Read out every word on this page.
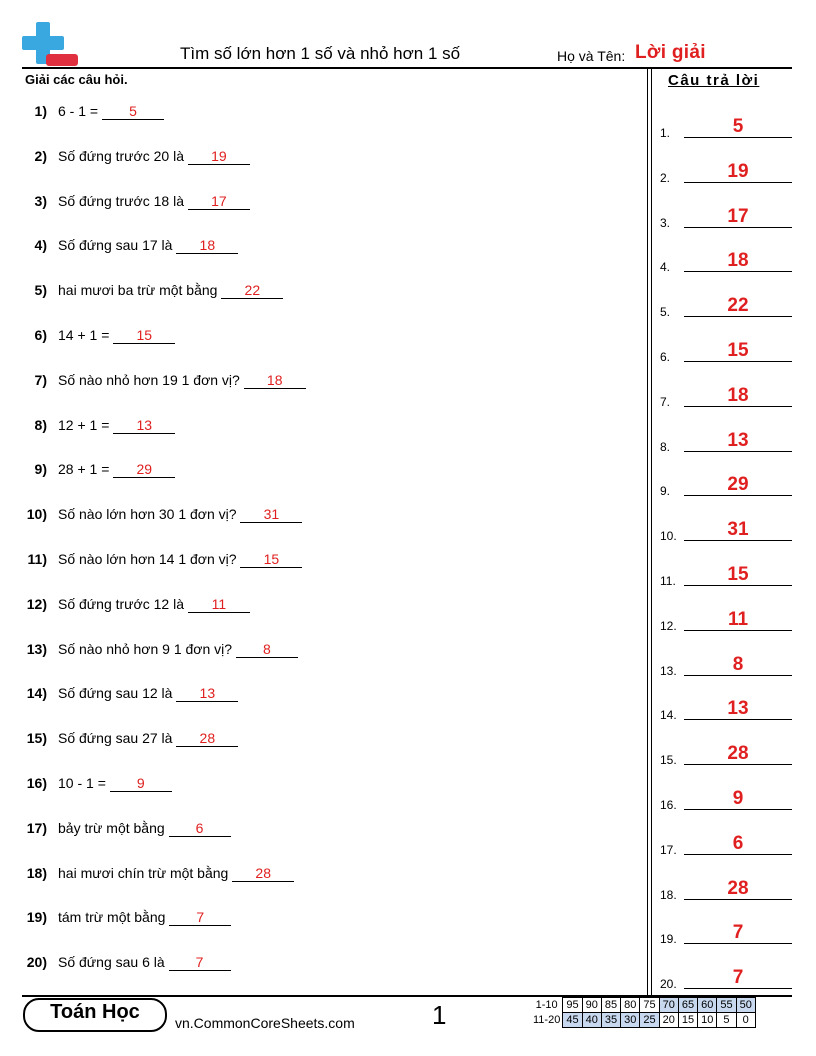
Tìm số lớn hơn 1 số và nhỏ hơn 1 số	Họ và Tên: Lời giải
Giải các câu hỏi.	Câu trả lời
1) 6 - 1 = 5
2) Số đứng trước 20 là 19
3) Số đứng trước 18 là 17
4) Số đứng sau 17 là 18
5) hai mươi ba trừ một bằng 22
6) 14 + 1 = 15
7) Số nào nhỏ hơn 19 1 đơn vị? 18
8) 12 + 1 = 13
9) 28 + 1 = 29
10) Số nào lớn hơn 30 1 đơn vị? 31
11) Số nào lớn hơn 14 1 đơn vị? 15
12) Số đứng trước 12 là 11
13) Số nào nhỏ hơn 9 1 đơn vị? 8
14) Số đứng sau 12 là 13
15) Số đứng sau 27 là 28
16) 10 - 1 = 9
17) bảy trừ một bằng 6
18) hai mươi chín trừ một bằng 28
19) tám trừ một bằng 7
20) Số đứng sau 6 là 7
1.	5
2.	19
3.	17
4.	18
5.	22
6.	15
7.	18
8.	13
9.	29
10.	31
11.	15
12.	11
13.	8
14.	13
15.	28
16.	9
17.	6
18.	28
19.	7
20.	7
Toán Học	vn.CommonCoreSheets.com	1	1-10	95	90	85	80	75	70	65	60	55	50
11-20	45	40	35	30	25	20	15	10	5	0
